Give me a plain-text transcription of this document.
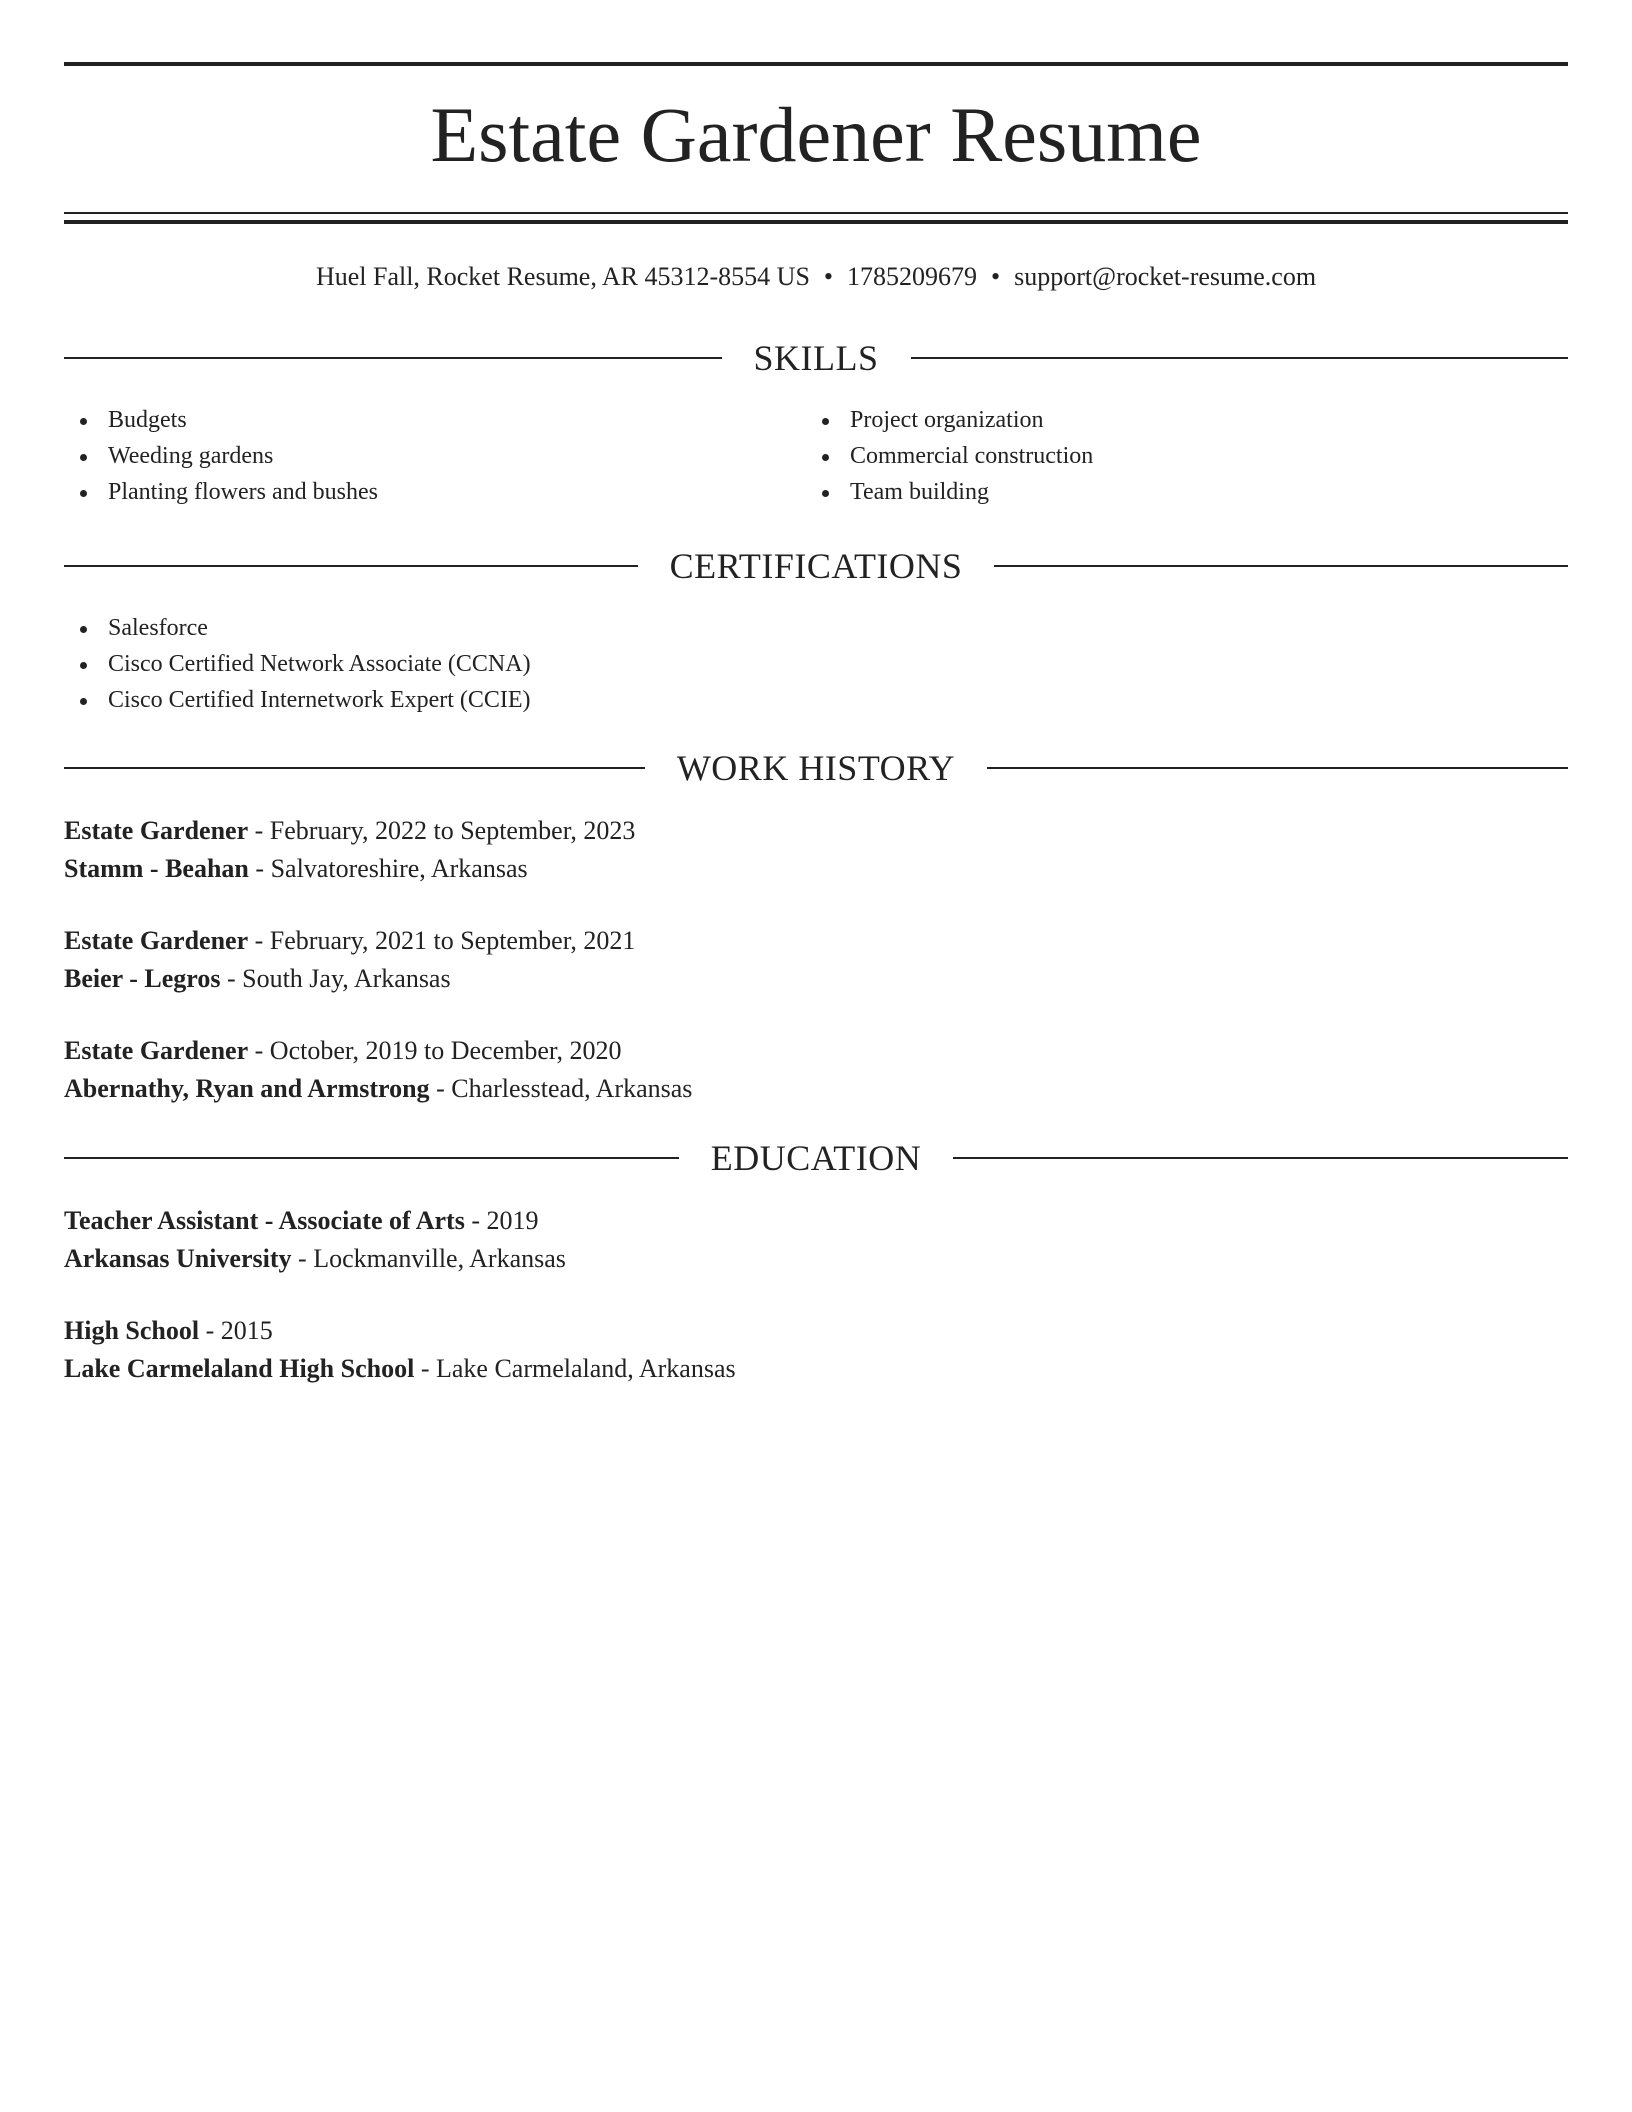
Estate Gardener Resume
Huel Fall, Rocket Resume, AR 45312-8554 US • 1785209679 • support@rocket-resume.com
SKILLS
Budgets
Weeding gardens
Planting flowers and bushes
Project organization
Commercial construction
Team building
CERTIFICATIONS
Salesforce
Cisco Certified Network Associate (CCNA)
Cisco Certified Internetwork Expert (CCIE)
WORK HISTORY
Estate Gardener - February, 2022 to September, 2023
Stamm - Beahan - Salvatoreshire, Arkansas
Estate Gardener - February, 2021 to September, 2021
Beier - Legros - South Jay, Arkansas
Estate Gardener - October, 2019 to December, 2020
Abernathy, Ryan and Armstrong - Charlesstead, Arkansas
EDUCATION
Teacher Assistant - Associate of Arts - 2019
Arkansas University - Lockmanville, Arkansas
High School - 2015
Lake Carmelaland High School - Lake Carmelaland, Arkansas
